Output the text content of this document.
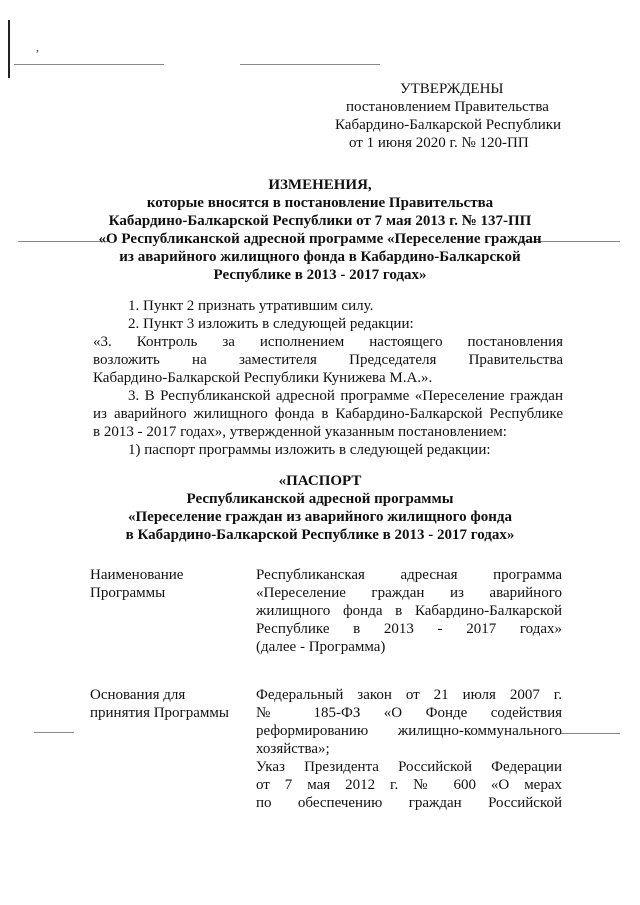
,
УТВЕРЖДЕНЫ
постановлением Правительства
Кабардино-Балкарской Республики
от 1 июня 2020 г. № 120-ПП
ИЗМЕНЕНИЯ,
которые вносятся в постановление Правительства
Кабардино-Балкарской Республики от 7 мая 2013 г. № 137-ПП
«О Республиканской адресной программе «Переселение граждан
из аварийного жилищного фонда в Кабардино-Балкарской
Республике в 2013 - 2017 годах»
1. Пункт 2 признать утратившим силу.
2. Пункт 3 изложить в следующей редакции:
«3. Контроль за исполнением настоящего постановления
возложить на заместителя Председателя Правительства
Кабардино-Балкарской Республики Кунижева М.А.».
3. В Республиканской адресной программе «Переселение граждан
из аварийного жилищного фонда в Кабардино-Балкарской Республике
в 2013 - 2017 годах», утвержденной указанным постановлением:
1) паспорт программы изложить в следующей редакции:
«ПАСПОРТ
Республиканской адресной программы
«Переселение граждан из аварийного жилищного фонда
в Кабардино-Балкарской Республике в 2013 - 2017 годах»
Наименование
Программы
Республиканская адресная программа
«Переселение граждан из аварийного
жилищного фонда в Кабардино-Балкарской
Республике в 2013 - 2017 годах»
(далее - Программа)
Основания для
принятия Программы
Федеральный закон от 21 июля 2007 г.
№ 185-ФЗ «О Фонде содействия
реформированию жилищно-коммунального
хозяйства»;
Указ Президента Российской Федерации
от 7 мая 2012 г. № 600 «О мерах
по обеспечению граждан Российской
